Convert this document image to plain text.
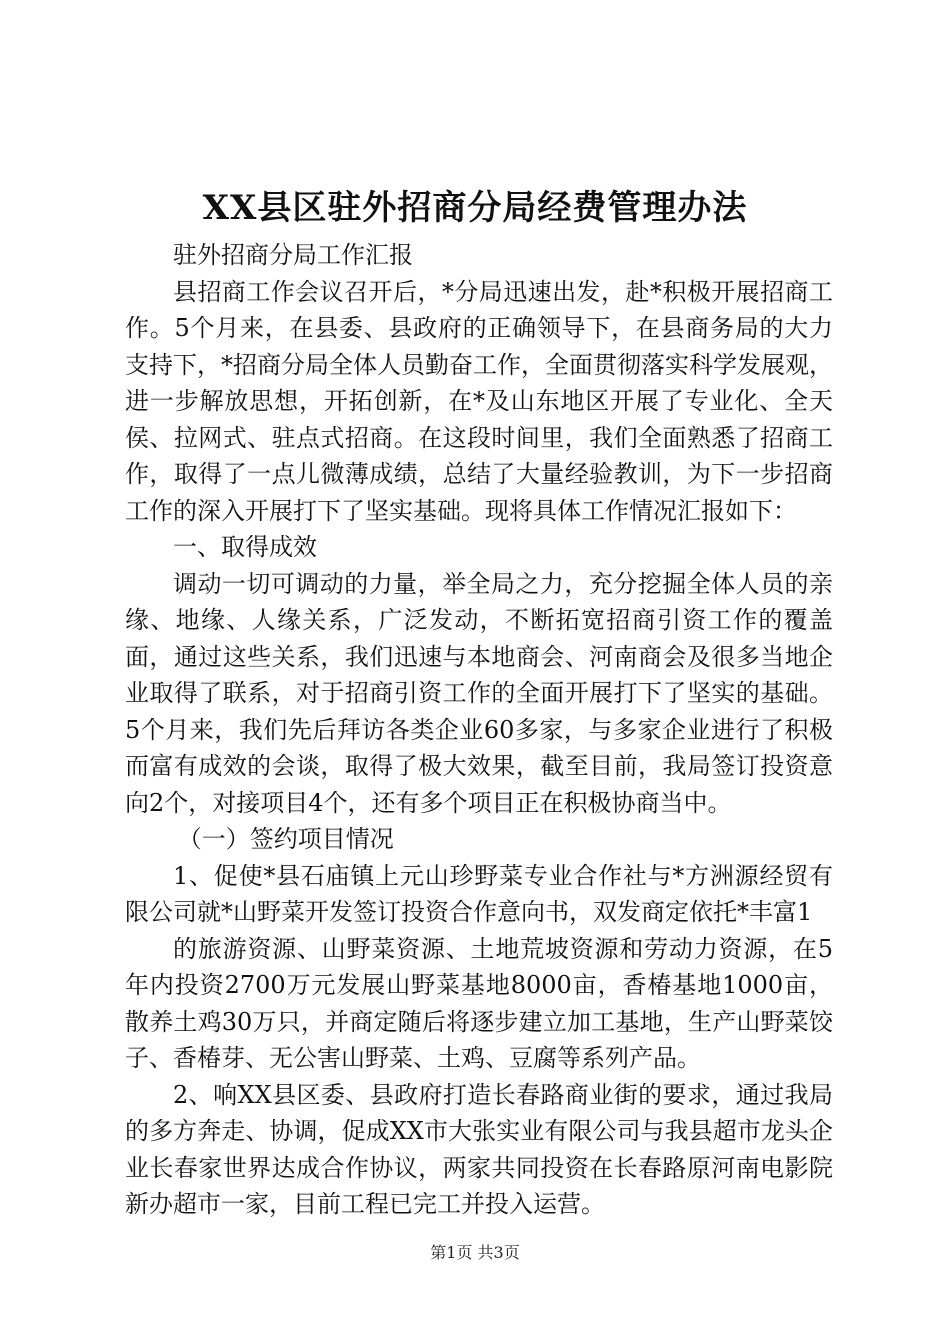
XX县区驻外招商分局经费管理办法

驻外招商分局工作汇报

县招商工作会议召开后，*分局迅速出发，赴*积极开展招商工作。5个月来，在县委、县政府的正确领导下，在县商务局的大力支持下，*招商分局全体人员勤奋工作，全面贯彻落实科学发展观，进一步解放思想，开拓创新，在*及山东地区开展了专业化、全天侯、拉网式、驻点式招商。在这段时间里，我们全面熟悉了招商工作，取得了一点儿微薄成绩，总结了大量经验教训，为下一步招商工作的深入开展打下了坚实基础。现将具体工作情况汇报如下：

一、取得成效

调动一切可调动的力量，举全局之力，充分挖掘全体人员的亲缘、地缘、人缘关系，广泛发动，不断拓宽招商引资工作的覆盖面，通过这些关系，我们迅速与本地商会、河南商会及很多当地企业取得了联系，对于招商引资工作的全面开展打下了坚实的基础。5个月来，我们先后拜访各类企业60多家，与多家企业进行了积极而富有成效的会谈，取得了极大效果，截至目前，我局签订投资意向2个，对接项目4个，还有多个项目正在积极协商当中。

（一）签约项目情况

1、促使*县石庙镇上元山珍野菜专业合作社与*方洲源经贸有限公司就*山野菜开发签订投资合作意向书，双发商定依托*丰富1

的旅游资源、山野菜资源、土地荒坡资源和劳动力资源，在5年内投资2700万元发展山野菜基地8000亩，香椿基地1000亩，散养土鸡30万只，并商定随后将逐步建立加工基地，生产山野菜饺子、香椿芽、无公害山野菜、土鸡、豆腐等系列产品。

2、响XX县区委、县政府打造长春路商业街的要求，通过我局的多方奔走、协调，促成XX市大张实业有限公司与我县超市龙头企业长春家世界达成合作协议，两家共同投资在长春路原河南电影院新办超市一家，目前工程已完工并投入运营。

第1页 共3页
